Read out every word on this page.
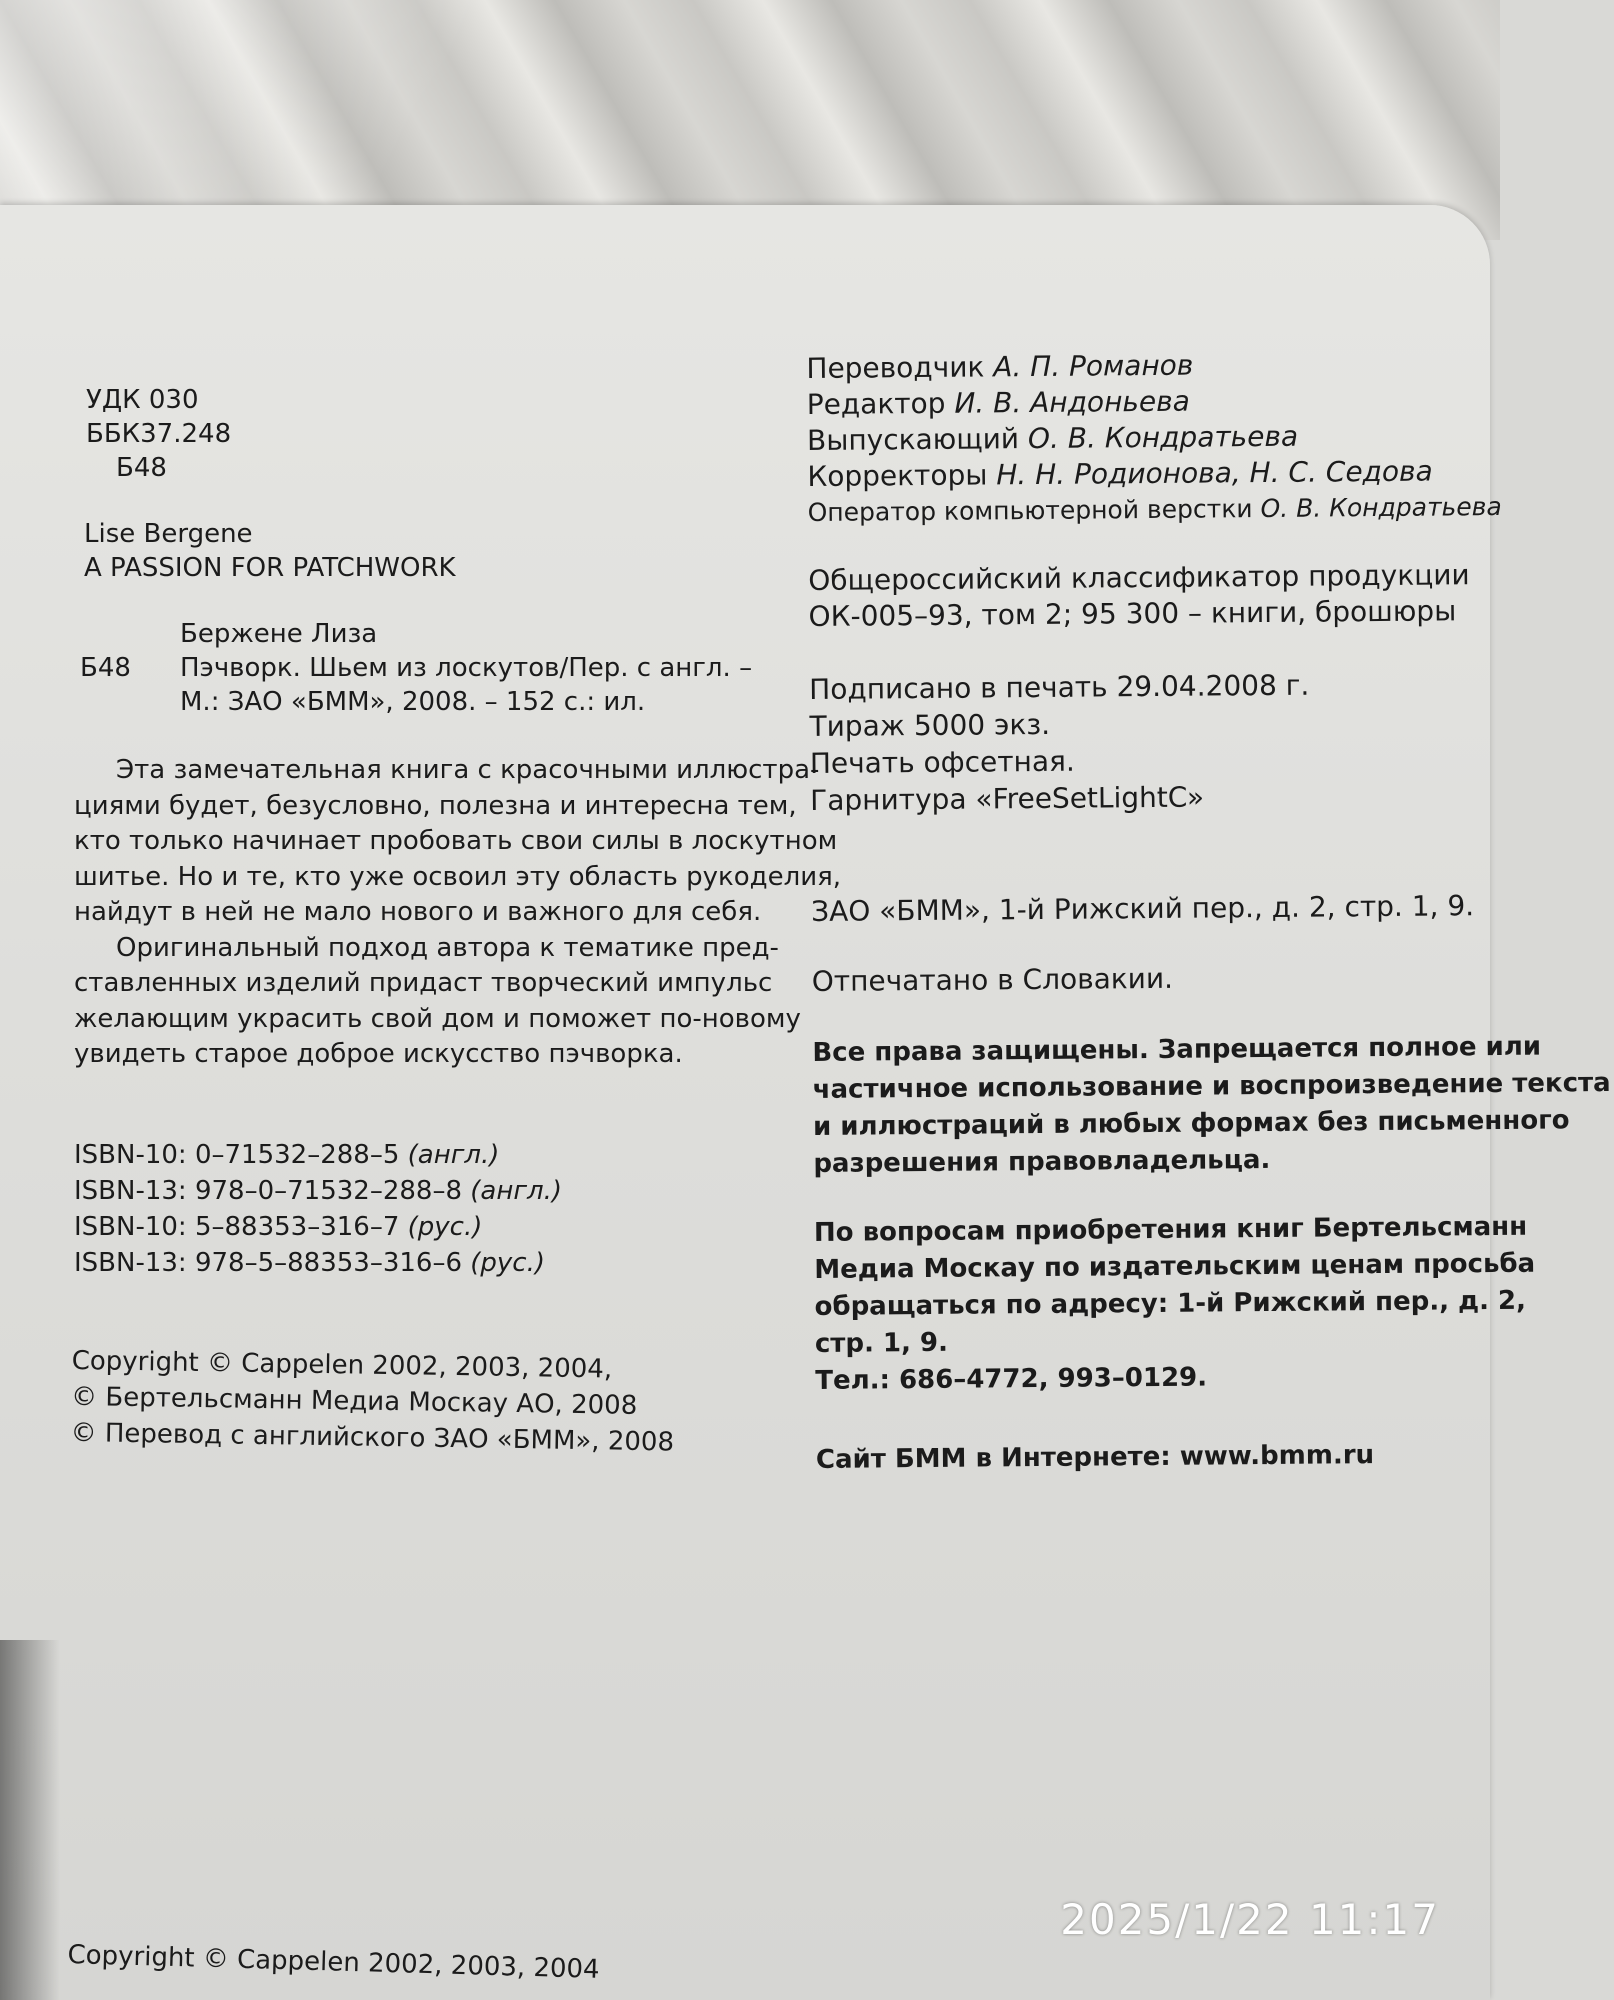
УДК 030
ББК37.248
Б48
Lise Bergene
A PASSION FOR PATCHWORK
Бержене Лиза
Б48 Пэчворк. Шьем из лоскутов/Пер. с англ. –
М.: ЗАО «БММ», 2008. – 152 с.: ил.
Эта замечательная книга с красочными иллюстра-
циями будет, безусловно, полезна и интересна тем,
кто только начинает пробовать свои силы в лоскутном
шитье. Но и те, кто уже освоил эту область рукоделия,
найдут в ней не мало нового и важного для себя.
Оригинальный подход автора к тематике пред-
ставленных изделий придаст творческий импульс
желающим украсить свой дом и поможет по-новому
увидеть старое доброе искусство пэчворка.
ISBN-10: 0–71532–288–5 (англ.)
ISBN-13: 978–0–71532–288–8 (англ.)
ISBN-10: 5–88353–316–7 (рус.)
ISBN-13: 978–5–88353–316–6 (рус.)
Copyright © Cappelen 2002, 2003, 2004,
© Бертельсманн Медиа Москау АО, 2008
© Перевод с английского ЗАО «БММ», 2008
Copyright © Cappelen 2002, 2003, 2004
Переводчик А. П. Романов
Редактор И. В. Андоньева
Выпускающий О. В. Кондратьева
Корректоры Н. Н. Родионова, Н. С. Седова
Оператор компьютерной верстки О. В. Кондратьева
Общероссийский классификатор продукции
ОК-005–93, том 2; 95 300 – книги, брошюры
Подписано в печать 29.04.2008 г.
Тираж 5000 экз.
Печать офсетная.
Гарнитура «FreeSetLightC»
ЗАО «БММ», 1-й Рижский пер., д. 2, стр. 1, 9.
Отпечатано в Словакии.
Все права защищены. Запрещается полное или
частичное использование и воспроизведение текста
и иллюстраций в любых формах без письменного
разрешения правовладельца.
По вопросам приобретения книг Бертельсманн
Медиа Москау по издательским ценам просьба
обращаться по адресу: 1-й Рижский пер., д. 2,
стр. 1, 9.
Тел.: 686–4772, 993–0129.
Сайт БММ в Интернете: www.bmm.ru
2025/1/22 11:17
